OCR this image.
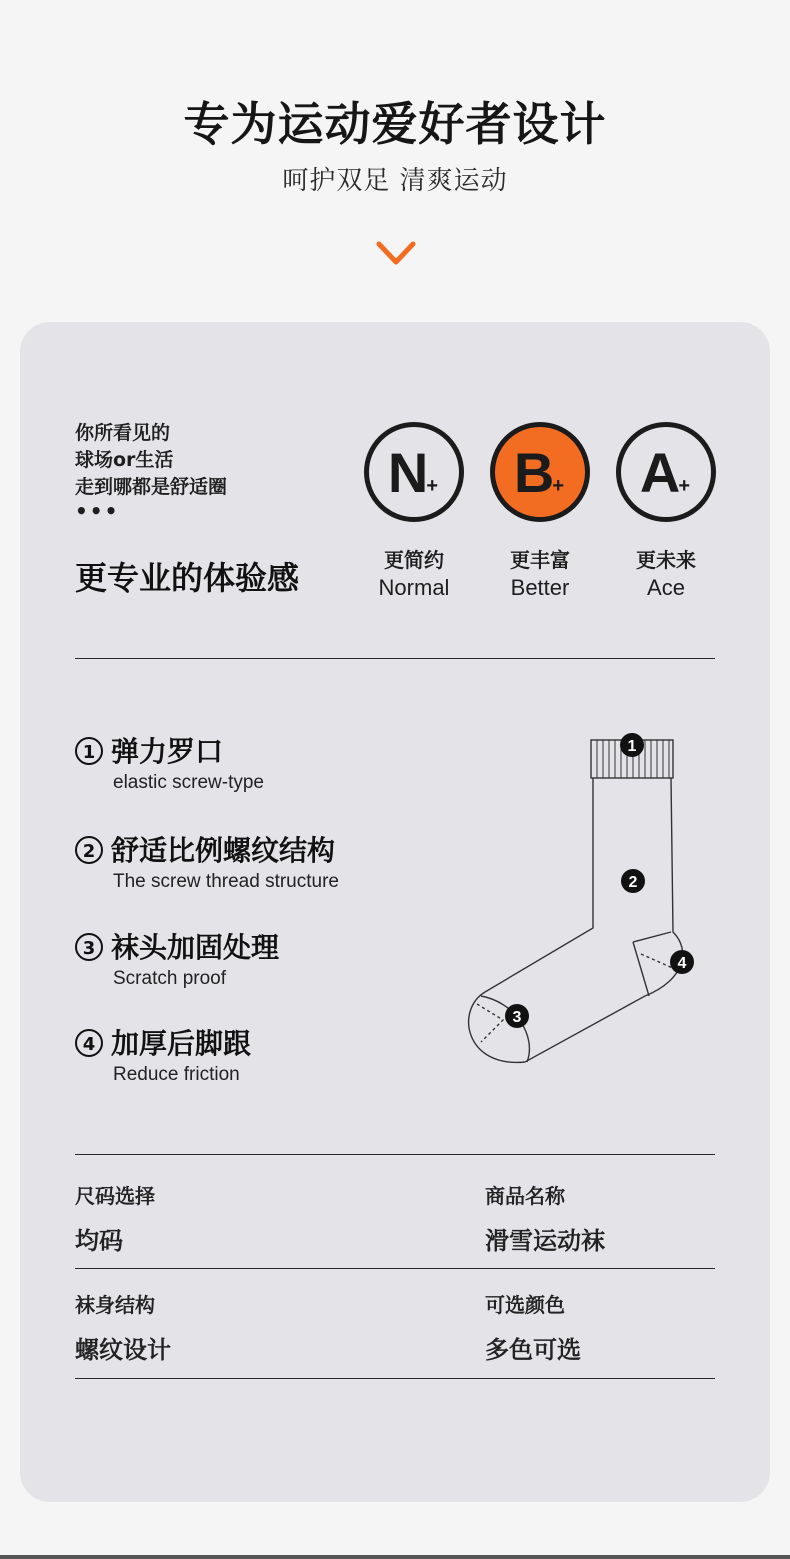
专为运动爱好者设计
呵护双足 清爽运动
你所看见的
球场or生活
走到哪都是舒适圈
•••
更专业的体验感
N
+
更简约
Normal
B
+
更丰富
Better
A
+
更未来
Ace
1 弹力罗口
elastic screw-type
2 舒适比例螺纹结构
The screw thread structure
3 袜头加固处理
Scratch proof
4 加厚后脚跟
Reduce friction
1
2
3
4
尺码选择
均码
商品名称
滑雪运动袜
袜身结构
螺纹设计
可选颜色
多色可选
